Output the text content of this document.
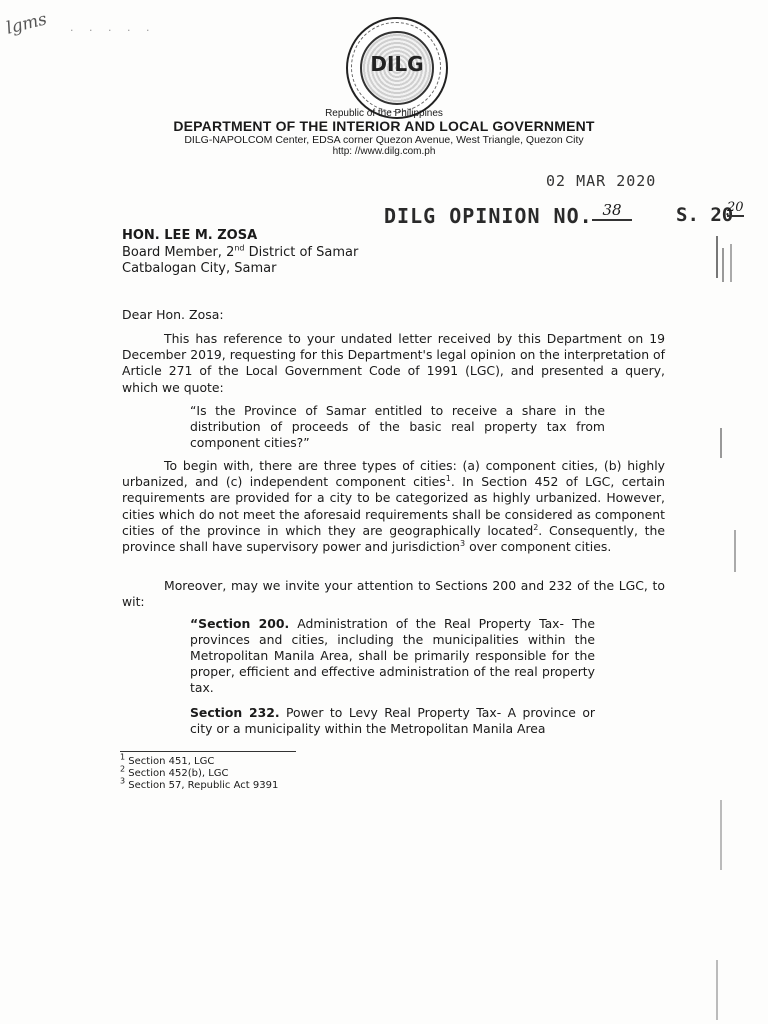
lgms · · · · ·
DILG
Republic of the Philippines
DEPARTMENT OF THE INTERIOR AND LOCAL GOVERNMENT
DILG-NAPOLCOM Center, EDSA corner Quezon Avenue, West Triangle, Quezon City
http: //www.dilg.com.ph
02 MAR 2020
DILG OPINION NO. 38	S. 20
20
HON. LEE M. ZOSA
Board Member, 2nd District of Samar
Catbalogan City, Samar
Dear Hon. Zosa:
This has reference to your undated letter received by this Department on 19 December 2019, requesting for this Department's legal opinion on the interpretation of Article 271 of the Local Government Code of 1991 (LGC), and presented a query, which we quote:
“Is the Province of Samar entitled to receive a share in the distribution of proceeds of the basic real property tax from component cities?”
To begin with, there are three types of cities: (a) component cities, (b) highly urbanized, and (c) independent component cities$^1$. In Section 452 of LGC, certain requirements are provided for a city to be categorized as highly urbanized. However, cities which do not meet the aforesaid requirements shall be considered as component cities of the province in which they are geographically located$^2$. Consequently, the province shall have supervisory power and jurisdiction$^3$ over component cities.
Moreover, may we invite your attention to Sections 200 and 232 of the LGC, to wit:
“Section 200. Administration of the Real Property Tax- The provinces and cities, including the municipalities within the Metropolitan Manila Area, shall be primarily responsible for the proper, efficient and effective administration of the real property tax.
Section 232. Power to Levy Real Property Tax- A province or city or a municipality within the Metropolitan Manila Area
$^1$ Section 451, LGC
$^2$ Section 452(b), LGC
$^3$ Section 57, Republic Act 9391
